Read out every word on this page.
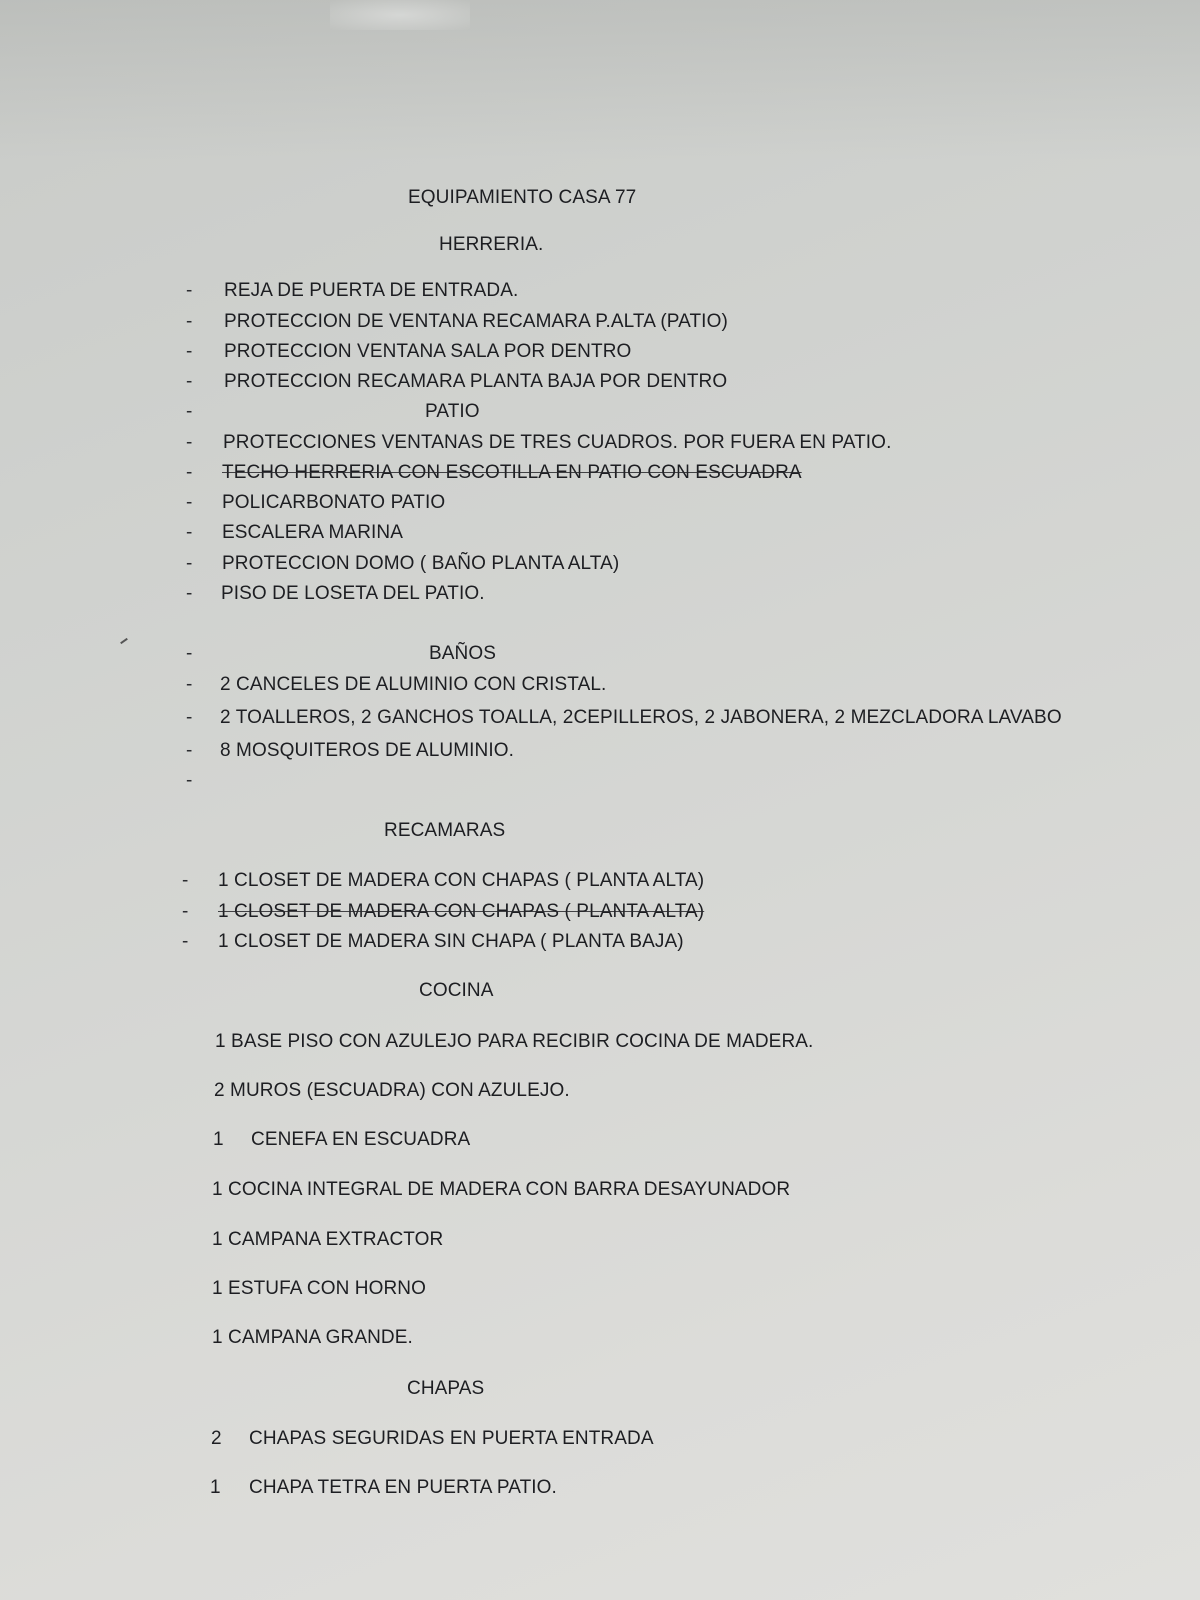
EQUIPAMIENTO CASA 77
HERRERIA.
- REJA DE PUERTA DE ENTRADA.
- PROTECCION DE VENTANA RECAMARA P.ALTA (PATIO)
- PROTECCION VENTANA SALA POR DENTRO
- PROTECCION RECAMARA PLANTA BAJA POR DENTRO
-	PATIO
- PROTECCIONES VENTANAS DE TRES CUADROS. POR FUERA EN PATIO.
- TECHO HERRERIA CON ESCOTILLA EN PATIO CON ESCUADRA
- POLICARBONATO PATIO
- ESCALERA MARINA
- PROTECCION DOMO ( BAÑO PLANTA ALTA)
- PISO DE LOSETA DEL PATIO.
-	BAÑOS
- 2 CANCELES DE ALUMINIO CON CRISTAL.
- 2 TOALLEROS, 2 GANCHOS TOALLA, 2CEPILLEROS, 2 JABONERA, 2 MEZCLADORA LAVABO
- 8 MOSQUITEROS DE ALUMINIO.
-
RECAMARAS
- 1 CLOSET DE MADERA CON CHAPAS ( PLANTA ALTA)
- 1 CLOSET DE MADERA CON CHAPAS ( PLANTA ALTA)
- 1 CLOSET DE MADERA SIN CHAPA ( PLANTA BAJA)
COCINA
1 BASE PISO CON AZULEJO PARA RECIBIR COCINA DE MADERA.
2 MUROS (ESCUADRA) CON AZULEJO.
1 CENEFA EN ESCUADRA
1 COCINA INTEGRAL DE MADERA CON BARRA DESAYUNADOR
1 CAMPANA EXTRACTOR
1 ESTUFA CON HORNO
1 CAMPANA GRANDE.
CHAPAS
2 CHAPAS SEGURIDAS EN PUERTA ENTRADA
1 CHAPA TETRA EN PUERTA PATIO.
